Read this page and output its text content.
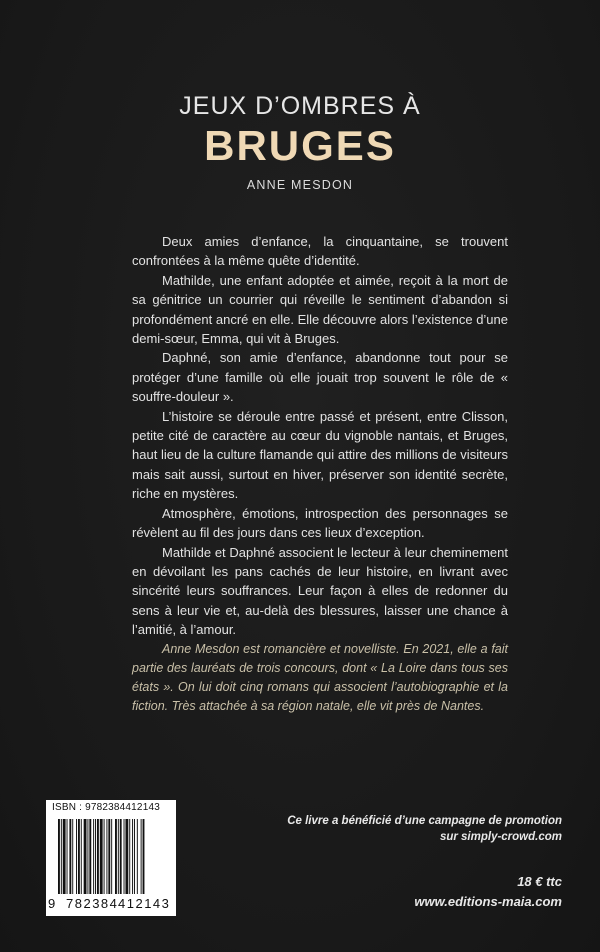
JEUX D’OMBRES À
BRUGES
ANNE MESDON

Deux amies d’enfance, la cinquantaine, se trouvent confrontées à la même quête d’identité.

Mathilde, une enfant adoptée et aimée, reçoit à la mort de sa génitrice un courrier qui réveille le sentiment d’abandon si profondément ancré en elle. Elle découvre alors l’existence d’une demi-sœur, Emma, qui vit à Bruges.

Daphné, son amie d’enfance, abandonne tout pour se protéger d’une famille où elle jouait trop souvent le rôle de « souffre-douleur ».

L’histoire se déroule entre passé et présent, entre Clisson, petite cité de caractère au cœur du vignoble nantais, et Bruges, haut lieu de la culture flamande qui attire des millions de visiteurs mais sait aussi, surtout en hiver, préserver son identité secrète, riche en mystères.

Atmosphère, émotions, introspection des personnages se révèlent au fil des jours dans ces lieux d’exception.

Mathilde et Daphné associent le lecteur à leur cheminement en dévoilant les pans cachés de leur histoire, en livrant avec sincérité leurs souffrances. Leur façon à elles de redonner du sens à leur vie et, au-delà des blessures, laisser une chance à l’amitié, à l’amour.

Anne Mesdon est romancière et novelliste. En 2021, elle a fait partie des lauréats de trois concours, dont « La Loire dans tous ses états ». On lui doit cinq romans qui associent l’autobiographie et la fiction. Très attachée à sa région natale, elle vit près de Nantes.

ISBN : 9782384412143
9 782384 412143
Ce livre a bénéficié d’une campagne de promotion
sur simply-crowd.com
18 € ttc
www.editions-maia.com
